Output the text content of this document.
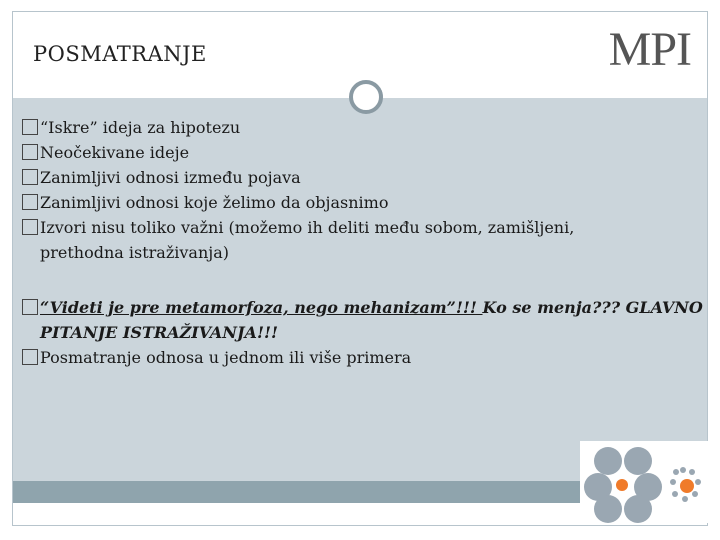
POSMATRANJE	MPI
“Iskre” ideja za hipotezu
Neočekivane ideje
Zanimljivi odnosi između pojava
Zanimljivi odnosi koje želimo da objasnimo
Izvori nisu toliko važni (možemo ih deliti među sobom, zamišljeni,
prethodna istraživanja)
“Videti je pre metamorfoza, nego mehanizam”!!! Ko se menja??? GLAVNO
PITANJE ISTRAŽIVANJA!!!
Posmatranje odnosa u jednom ili više primera
